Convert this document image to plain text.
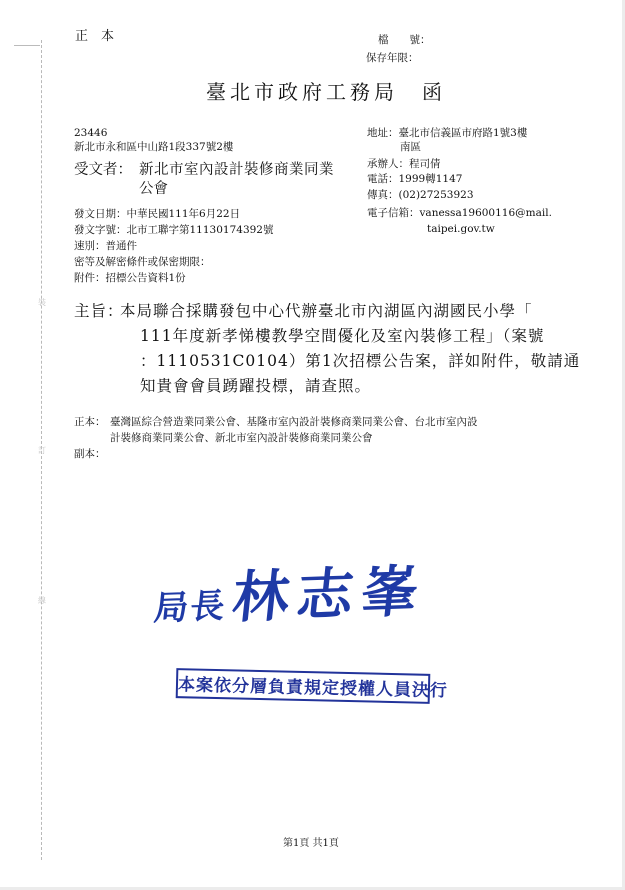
裝
訂
線
正　本	檔　　號：
保存年限：
臺北市政府工務局　函
23446
新北市永和區中山路1段337號2樓
受文者： 新北市室內設計裝修商業同業
公會
地址：臺北市信義區市府路1號3樓
南區
承辦人：程司倩
電話：1999轉1147
傳真：(02)27253923
電子信箱：vanessa19600116@mail.
taipei.gov.tw
發文日期：中華民國111年6月22日
發文字號：北市工聯字第11130174392號
速別：普通件
密等及解密條件或保密期限：
附件：招標公告資料1份
主旨：
本局聯合採購發包中心代辦臺北市內湖區內湖國民小學「
111年度新孝悌樓教學空間優化及室內裝修工程」（案號
：1110531C0104）第1次招標公告案，詳如附件，敬請通
知貴會會員踴躍投標，請查照。
正本： 臺灣區綜合營造業同業公會、基隆市室內設計裝修商業同業公會、台北市室內設
計裝修商業同業公會、新北市室內設計裝修商業同業公會
副本：
局長 林志峯
本案依分層負責規定授權人員決行
第1頁 共1頁
